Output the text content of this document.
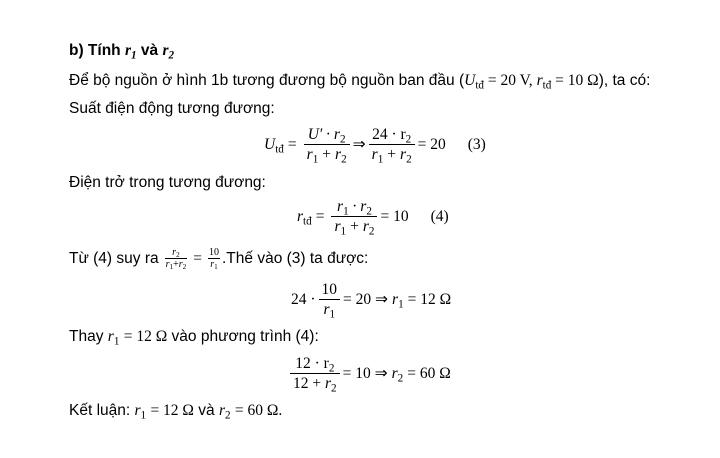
b) Tính $r_1$ và $r_2$
Để bộ nguồn ở hình 1b tương đương bộ nguồn ban đầu ($U_{tđ} = 20$ V, $r_{tđ} = 10$ Ω), ta có:
Suất điện động tương đương:
$U_{tđ} = \frac{U' \cdot r_2}{r_1 + r_2}$ ⇒ $\frac{24 \cdot r_2}{r_1 + r_2} = 20$ (3)
Điện trở trong tương đương:
$r_{tđ} = \frac{r_1 \cdot r_2}{r_1 + r_2} = 10$ (4)
Từ (4) suy ra $\frac{r_2}{r_1+r_2} = \frac{10}{r_1}$ .Thế vào (3) ta được:
$24 \cdot \frac{10}{r_1} = 20$ ⇒ $r_1 = 12$ Ω
Thay $r_1 = 12$ Ω vào phương trình (4):
$\frac{12 \cdot r_2}{12 + r_2} = 10$ ⇒ $r_2 = 60$ Ω
Kết luận: $r_1 = 12$ Ω và $r_2 = 60$ Ω.
